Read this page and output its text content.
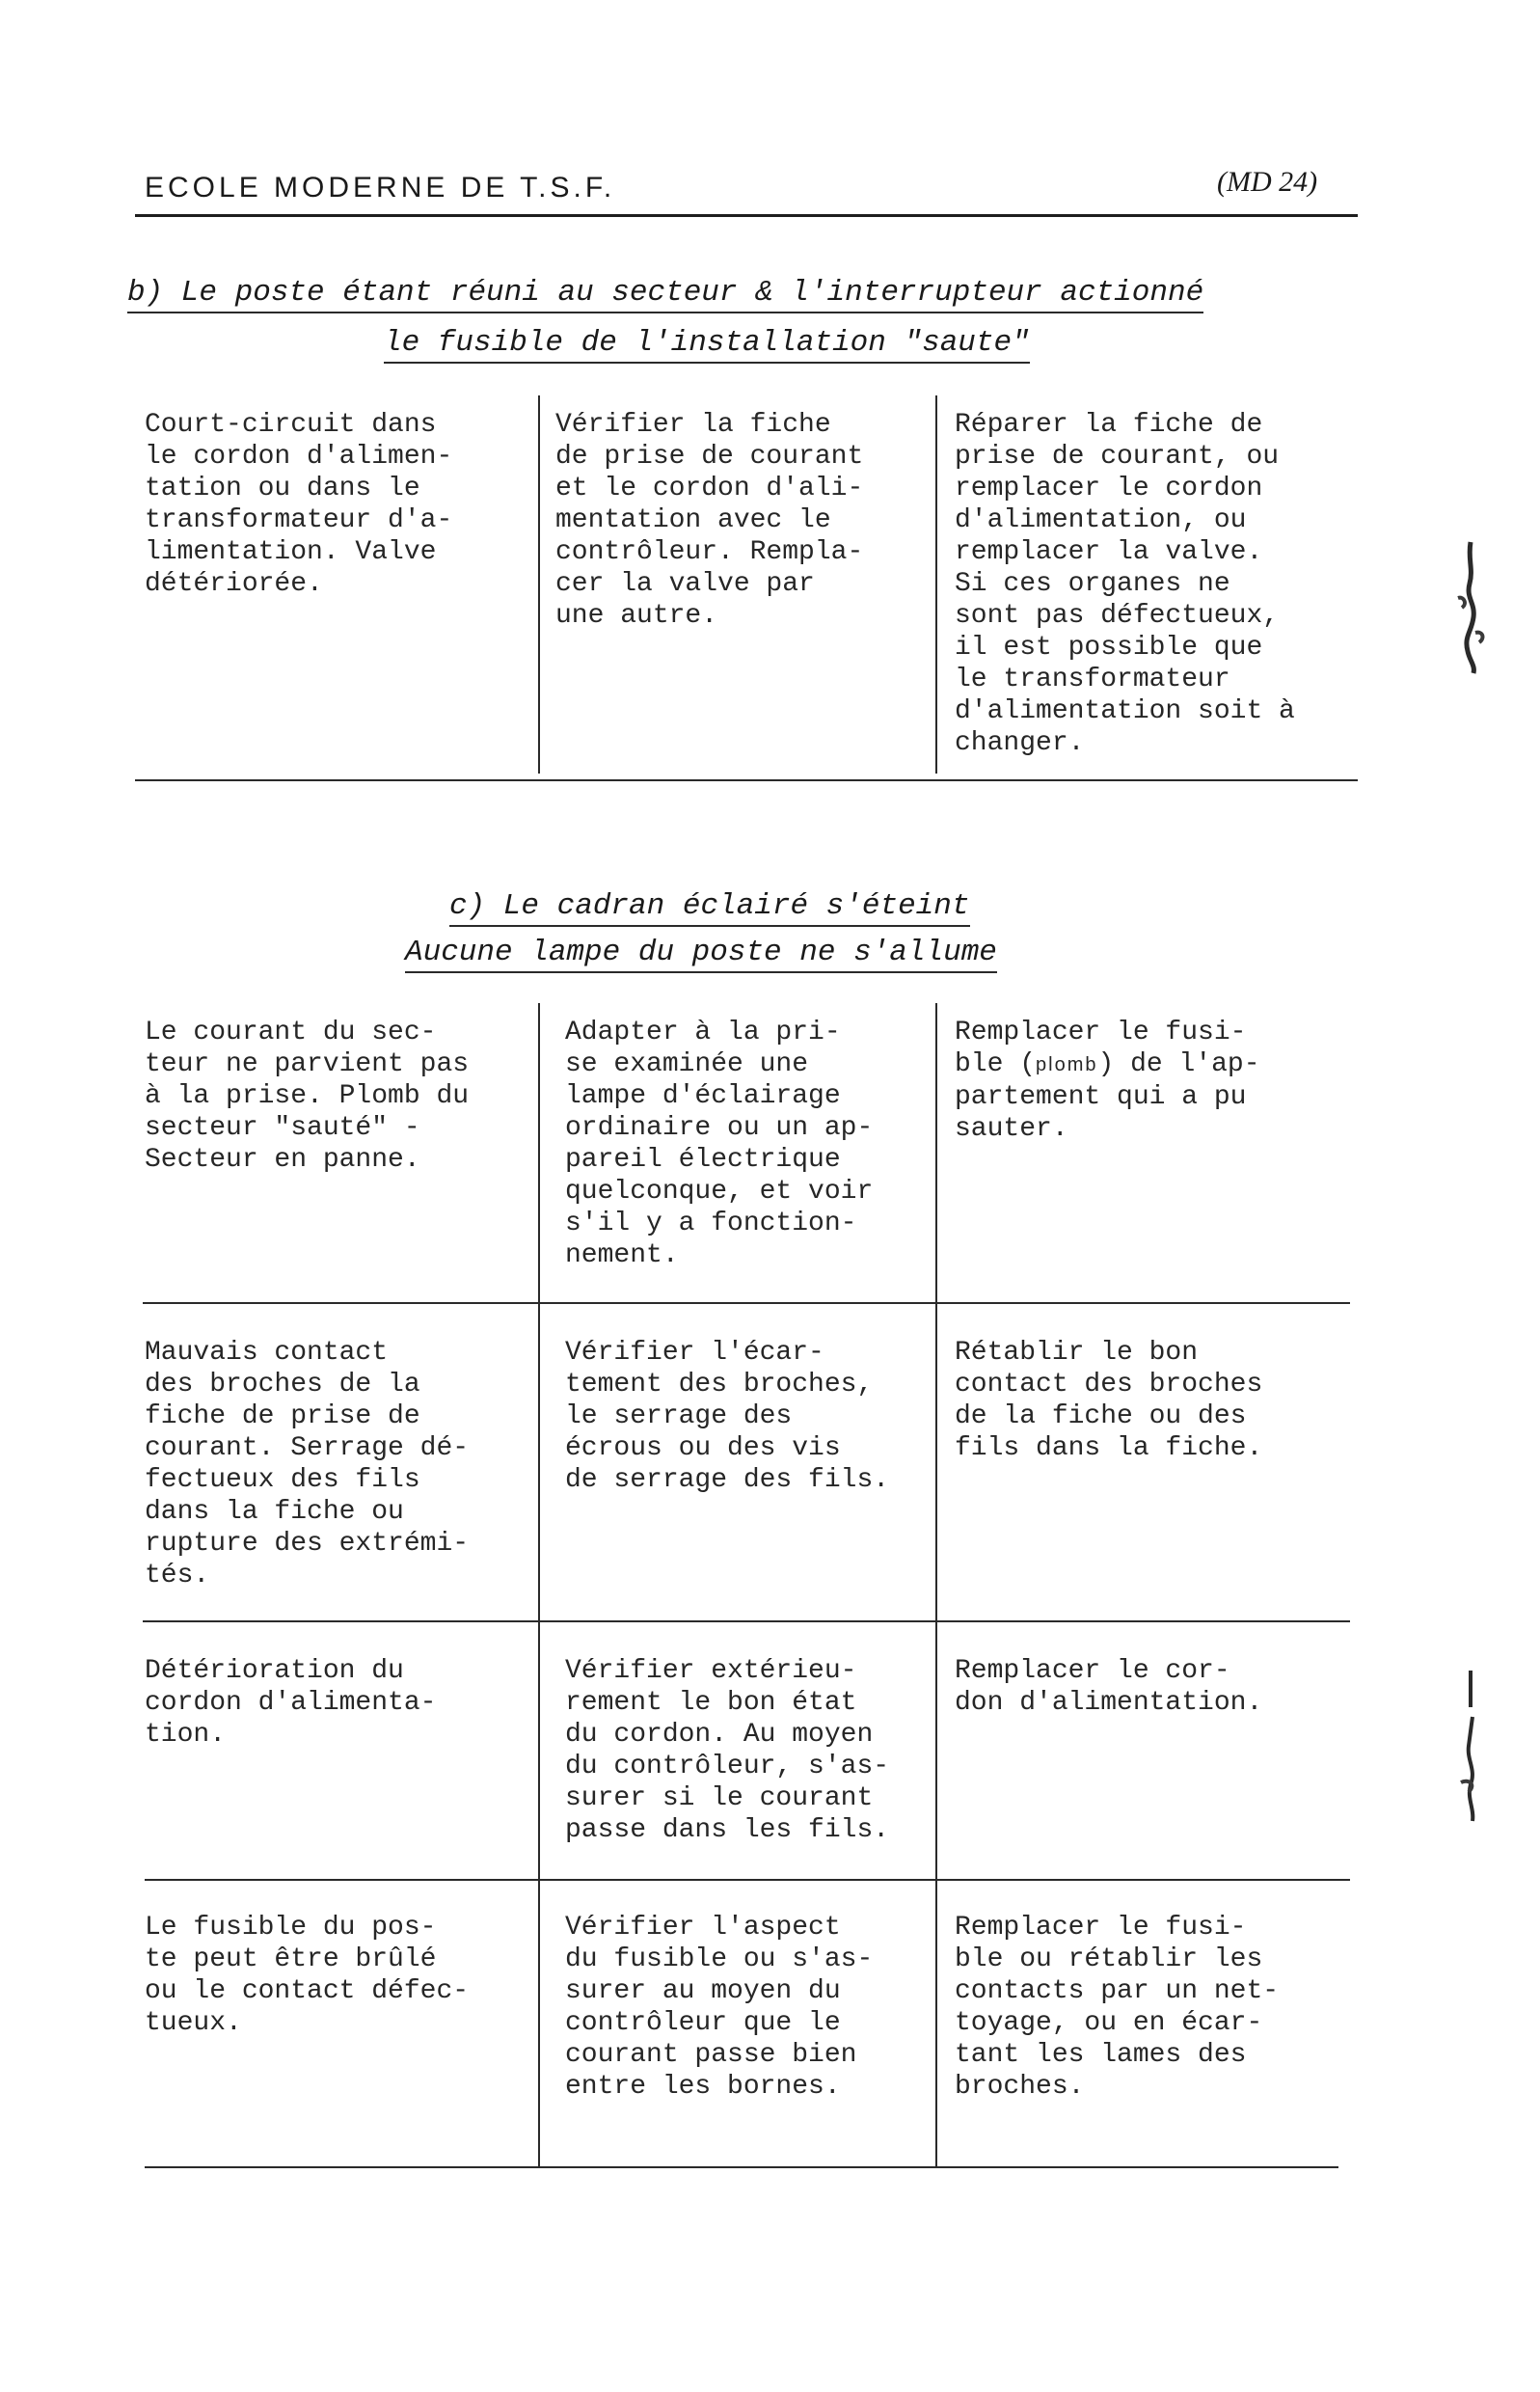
ECOLE MODERNE DE T.S.F.	(MD 24)
b) Le poste étant réuni au secteur & l'interrupteur actionné
le fusible de l'installation "saute"
Court-circuit dans
le cordon d'alimen-
tation ou dans le
transformateur d'a-
limentation. Valve
détériorée.
Vérifier la fiche
de prise de courant
et le cordon d'ali-
mentation avec le
contrôleur. Rempla-
cer la valve par
une autre.
Réparer la fiche de
prise de courant, ou
remplacer le cordon
d'alimentation, ou
remplacer la valve.
Si ces organes ne
sont pas défectueux,
il est possible que
le transformateur
d'alimentation soit à
changer.
c) Le cadran éclairé s'éteint
Aucune lampe du poste ne s'allume
Le courant du sec-
teur ne parvient pas
à la prise. Plomb du
secteur "sauté" -
Secteur en panne.
Adapter à la pri-
se examinée une
lampe d'éclairage
ordinaire ou un ap-
pareil électrique
quelconque, et voir
s'il y a fonction-
nement.
Remplacer le fusi-
ble (plomb) de l'ap-
partement qui a pu
sauter.
Mauvais contact
des broches de la
fiche de prise de
courant. Serrage dé-
fectueux des fils
dans la fiche ou
rupture des extrémi-
tés.
Vérifier l'écar-
tement des broches,
le serrage des
écrous ou des vis
de serrage des fils.
Rétablir le bon
contact des broches
de la fiche ou des
fils dans la fiche.
Détérioration du
cordon d'alimenta-
tion.
Vérifier extérieu-
rement le bon état
du cordon. Au moyen
du contrôleur, s'as-
surer si le courant
passe dans les fils.
Remplacer le cor-
don d'alimentation.
Le fusible du pos-
te peut être brûlé
ou le contact défec-
tueux.
Vérifier l'aspect
du fusible ou s'as-
surer au moyen du
contrôleur que le
courant passe bien
entre les bornes.
Remplacer le fusi-
ble ou rétablir les
contacts par un net-
toyage, ou en écar-
tant les lames des
broches.
